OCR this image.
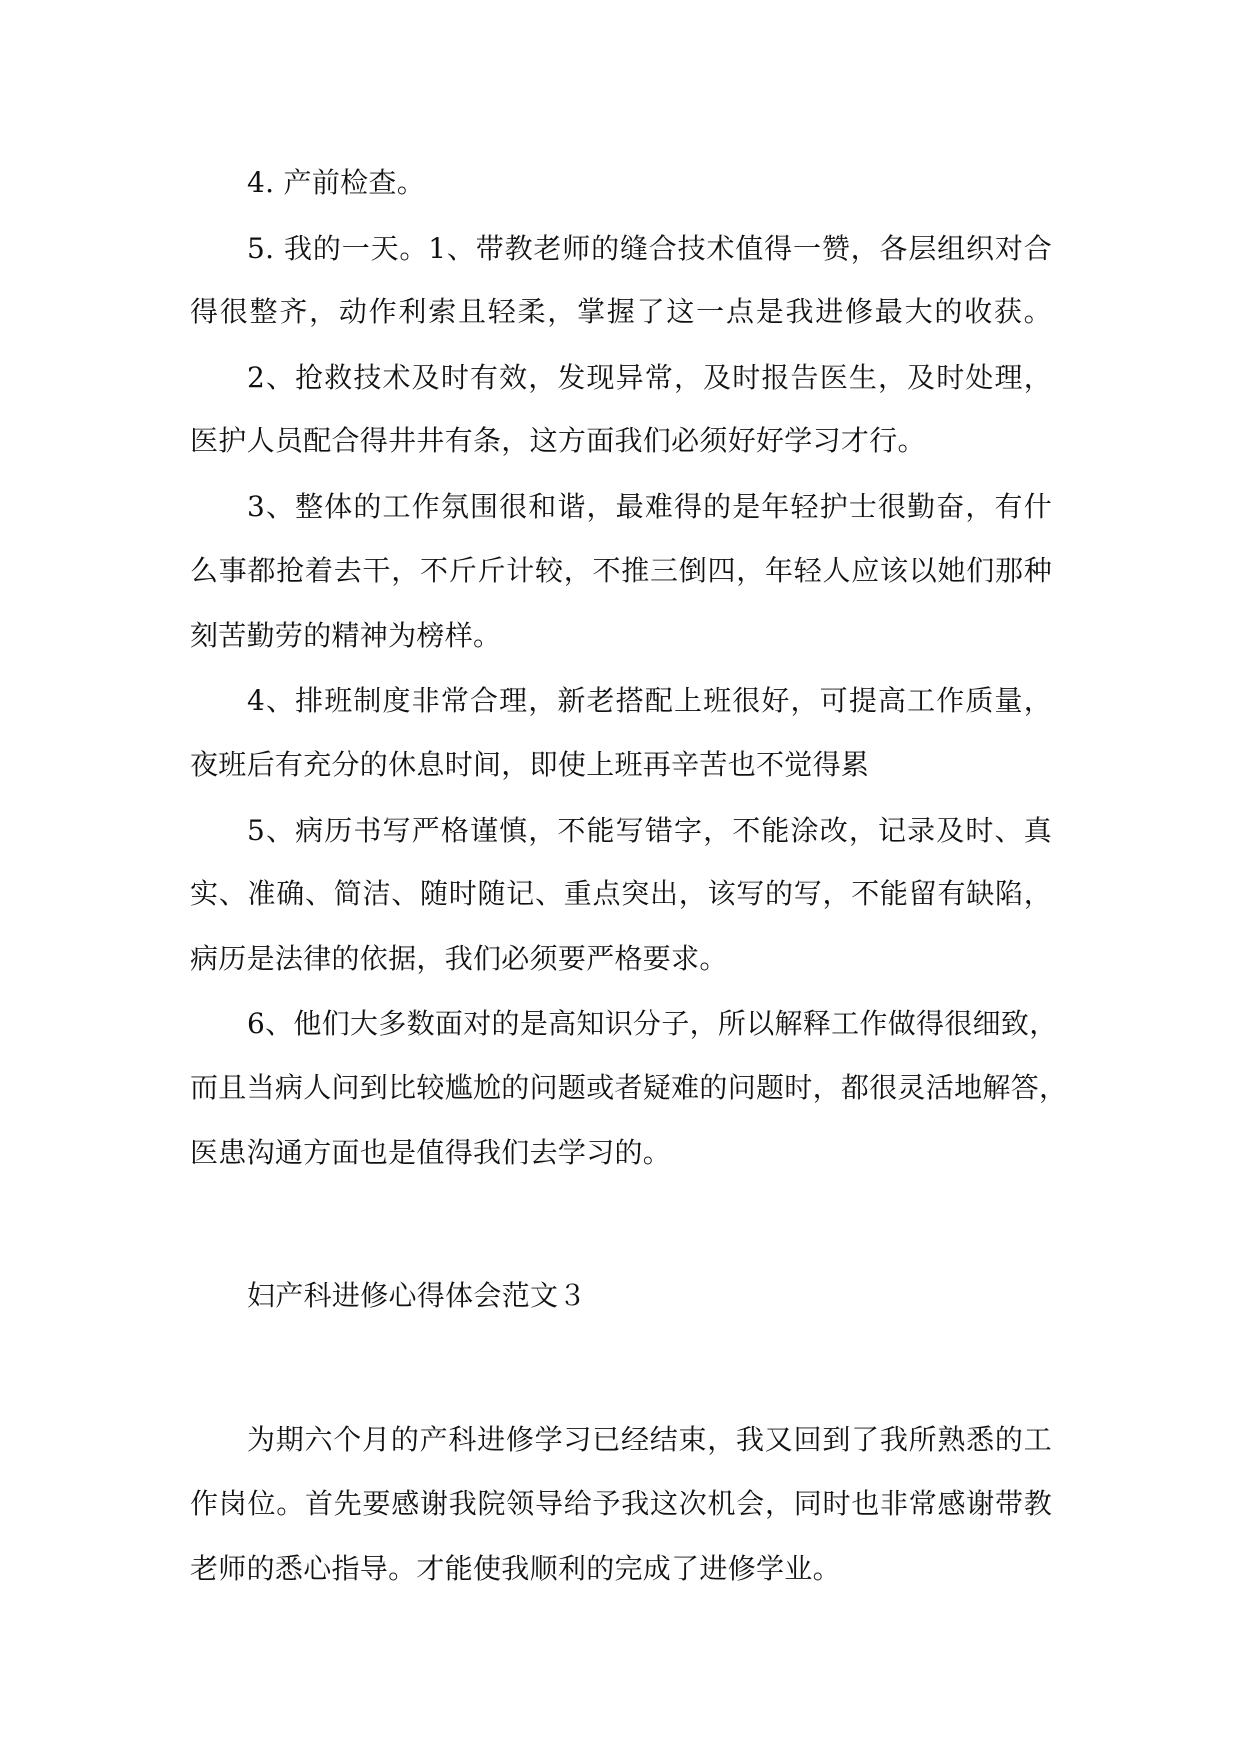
4. 产前检查。
5. 我的一天。1、带教老师的缝合技术值得一赞，各层组织对合
得很整齐，动作利索且轻柔，掌握了这一点是我进修最大的收获。
2、抢救技术及时有效，发现异常，及时报告医生，及时处理，
医护人员配合得井井有条，这方面我们必须好好学习才行。
3、整体的工作氛围很和谐，最难得的是年轻护士很勤奋，有什
么事都抢着去干，不斤斤计较，不推三倒四，年轻人应该以她们那种
刻苦勤劳的精神为榜样。
4、排班制度非常合理，新老搭配上班很好，可提高工作质量，
夜班后有充分的休息时间，即使上班再辛苦也不觉得累
5、病历书写严格谨慎，不能写错字，不能涂改，记录及时、真
实、准确、简洁、随时随记、重点突出，该写的写，不能留有缺陷，
病历是法律的依据，我们必须要严格要求。
6、他们大多数面对的是高知识分子，所以解释工作做得很细致，
而且当病人问到比较尴尬的问题或者疑难的问题时，都很灵活地解答，
医患沟通方面也是值得我们去学习的。
妇产科进修心得体会范文３
为期六个月的产科进修学习已经结束，我又回到了我所熟悉的工
作岗位。首先要感谢我院领导给予我这次机会，同时也非常感谢带教
老师的悉心指导。才能使我顺利的完成了进修学业。
